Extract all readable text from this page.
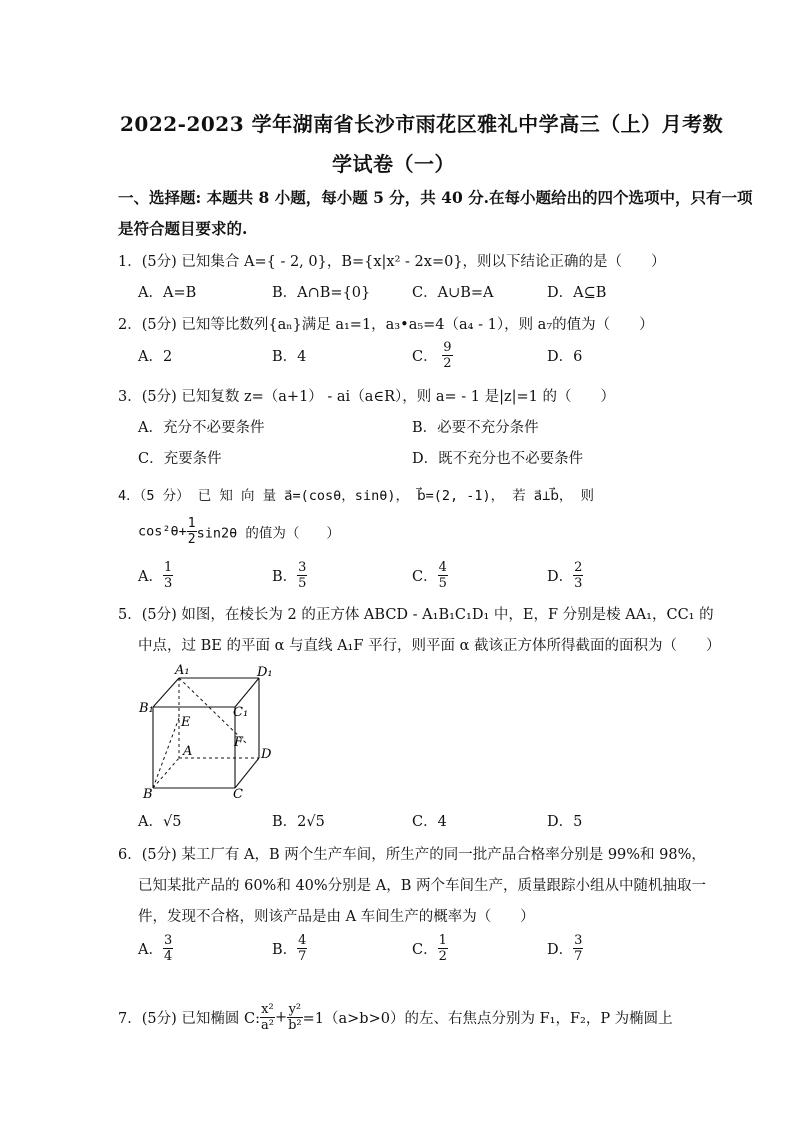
2022-2023 学年湖南省长沙市雨花区雅礼中学高三（上）月考数
学试卷（一）
一、选择题: 本题共 8 小题，每小题 5 分，共 40 分.在每小题给出的四个选项中，只有一项
是符合题目要求的.
1．(5分) 已知集合 A={ - 2, 0}，B={x|x² - 2x=0}，则以下结论正确的是（　　）
A．A=B	B．A∩B={0}	C．A∪B=A	D．A⊆B
2．(5分) 已知等比数列{aₙ}满足 a₁=1，a₃•a₅=4（a₄ - 1），则 a₇的值为（　　）
A．2	B．4	C． $\frac{9}{2}$	D．6
3．(5分) 已知复数 z=（a+1） - ai（a∈R），则 a= - 1 是|z|=1 的（　　）
A．充分不必要条件	B．必要不充分条件
C．充要条件	D．既不充分也不必要条件
4．（5 分） 已 知 向 量 a⃗=(cosθ，sinθ)， b⃗=(2, -1)， 若 a⃗⊥b⃗， 则
$\cos^2\theta+ \frac{1}{2} \sin 2\theta$ 的值为（　　）
A． $\frac{1}{3}$	B． $\frac{3}{5}$	C． $\frac{4}{5}$	D． $\frac{2}{3}$
5．(5分) 如图，在棱长为 2 的正方体 ABCD - A₁B₁C₁D₁ 中，E，F 分别是棱 AA₁，CC₁ 的
中点，过 BE 的平面 α 与直线 A₁F 平行，则平面 α 截该正方体所得截面的面积为（　　）
A₁	D₁
B₁	C₁
E
A
F
D
B	C
A．√5	B．2√5	C．4	D．5
6．(5分) 某工厂有 A，B 两个生产车间，所生产的同一批产品合格率分别是 99%和 98%，
已知某批产品的 60%和 40%分别是 A，B 两个车间生产，质量跟踪小组从中随机抽取一
件，发现不合格，则该产品是由 A 车间生产的概率为（　　）
A． $\frac{3}{4}$	B． $\frac{4}{7}$	C． $\frac{1}{2}$	D． $\frac{3}{7}$
7．(5分) 已知椭圆 C: $\frac{\text{x²}}{\text{a²}} + \frac{\text{y²}}{\text{b²}} =1(a>b>0)$的左、右焦点分别为 F₁，F₂，P 为椭圆上
